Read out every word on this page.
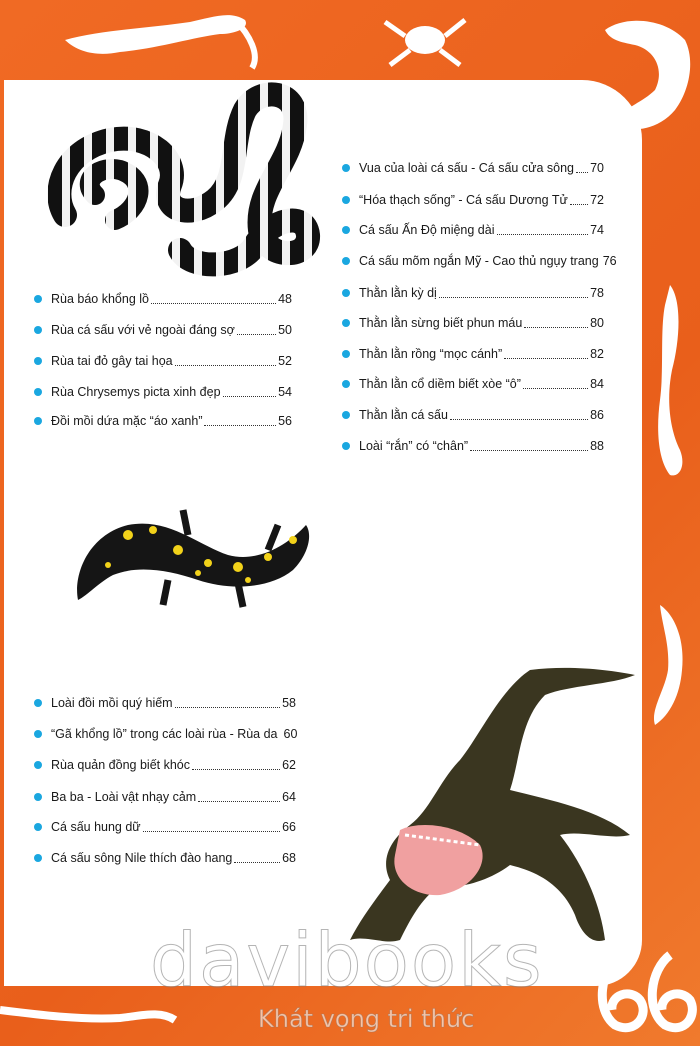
Rùa báo khổng lồ	48
Rùa cá sấu với vẻ ngoài đáng sợ	50
Rùa tai đỏ gây tai họa	52
Rùa Chrysemys picta xinh đẹp	54
Đồi mồi dứa mặc “áo xanh”	56
Vua của loài cá sấu - Cá sấu cửa sông 70
“Hóa thạch sống” - Cá sấu Dương Tử 72
Cá sấu Ấn Độ miệng dài	74
Cá sấu mõm ngắn Mỹ - Cao thủ ngụy trang 76
Thằn lằn kỳ dị	78
Thằn lằn sừng biết phun máu	80
Thằn lằn rồng “mọc cánh”	82
Thằn lằn cổ diềm biết xòe “ô”	84
Thằn lằn cá sấu	86
Loài “rắn” có “chân”	88
Loài đồi mồi quý hiếm	58
“Gã khổng lồ” trong các loài rùa - Rùa da 60
Rùa quản đồng biết khóc	62
Ba ba - Loài vật nhạy cảm	64
Cá sấu hung dữ	66
Cá sấu sông Nile thích đào hang	68
davibooks
Khát vọng tri thức
